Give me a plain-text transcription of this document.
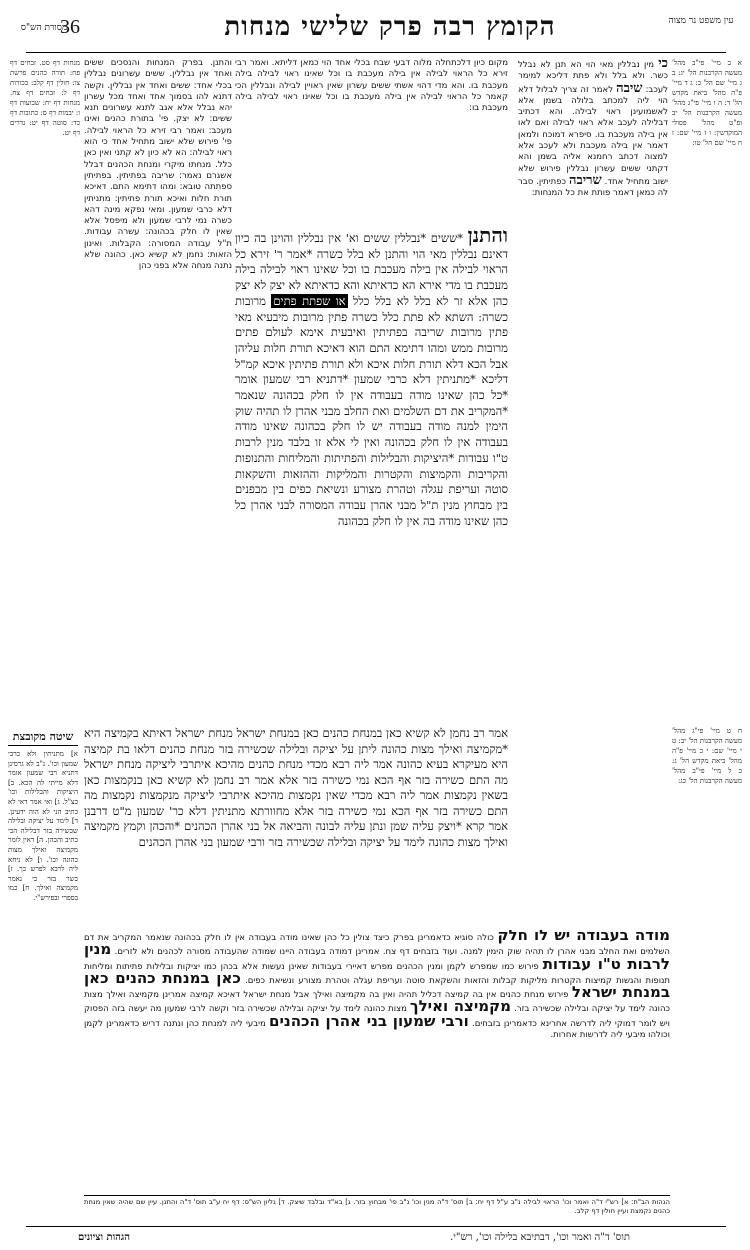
עין משפט נר מצוה
הקומץ רבה פרק שלישי מנחות
36
מסורת הש"ס
א ב מיי' פי"ב מהל' מעשה הקרבנות הל' יג: ב ג מיי' שם הל' כ: ג ד מיי' פ"ה מהל' ביאת מקדש הל' ד: ה ו מיי' פי"ג מהל' מעשה הקרבנות הל' יב ופ"ט מהל' פסולי המוקדשין: ו ז מיי' שם: ז ח מיי' שם הל' טו:

כי מין נבללין מאי הוי הא תנן לא נבלל כשר. ולא בלל ולא פתת דליכא למימר לעכב: שיבה לאמר זה צריך לבלול דלא הוי ליה למכתב בלולה בשמן אלא לאשמועינן ראוי לבילה. והא דכתיב דבלילה לעכב אלא ראוי לבילה ואם לאו אין בילה מעכבת בו. סיפרא דמוכח ולמאן דאמר אין בילה מעכבת ולא לעכב אלא למצוה דכתב רחמנא אליה בשמן והא דקתני ששים עשרון נבללין פירוש שלא ישוב מתחיל אחד. שריבה כפתיתין. סבר לה כמאן דאמר פותת את כל המנחות:

מקום כיון דלכתחלה מלוה דבעי שבח בכלי אחד הוי כמאן דליתא. ואמר רבי זירא כל הראוי לבילה אין בילה מעכבת בו וכל שאינו ראוי לבילה בילה מעכבת בו. והא מדי דהוי אשתי ששים עשרון שאין ראויין לבילה ונבללין הכי קאמר כל הראוי לבילה אין בילה מעכבת בו וכל שאינו ראוי לבילה בילה מעכבת בו:
והתנן *ששים *נבללין ששים וא' אין נבללין והוינן בה כיון דאינם נבללין מאי הוי והתנן לא בלל כשרה *אמר ר' זירא כל הראוי לבילה אין בילה מעכבת בו וכל שאינו ראוי לבילה בילה מעכבת בו מדי אירא הא כדאיתא והא כדאיתא לא יצק לא יצק כהן אלא זר לא בלל לא בלל כלל או שפתת פתים מרובות כשרה: השתא לא פתת כלל כשרה פתין מרובות מיבעיא מאי פתין מרובות שריבה בפתיתין ואיבעית אימא לעולם פתים מרובות ממש ומהו דתימא התם הוא דאיכא תורת חלות עליהן אבל הכא דלא תורת חלות איכא ולא תורת פתיתין איכא קמ"ל דליכא *מתניתין דלא כרבי שמעון *דתניא רבי שמעון אומר *כל כהן שאינו מודה בעבודה אין לו חלק בכהונה שנאמר *המקריב את דם השלמים ואת החלב מבני אהרן לו תהיה שוק הימין למנה מודה בעבודה יש לו חלק בכהונה שאינו מודה בעבודה אין לו חלק בכהונה ואין לי אלא זו בלבד מנין לרבות ט"ו עבודות *היציקות והבלילות והפתיתות והמליחות והתנופות והקריבות והקמיצות והקטרות והמליקות וההזאות והשקאות סוטה ועריפת עגלה וטהרת מצורע ונשיאת כפים בין מבפנים בין מבחוץ מנין ת"ל מבני אהרן עבודה המסורה לבני אהרן כל כהן שאינו מודה בה אין לו חלק בכהונה
והתנן. בפרק המנחות והנסכים ששים ואחד אין נבללין. ששים עשרונים נבללין בכלי אחד: ששים ואחד אין נבללין. וקשה דתנא להו בסמוך אחד ואחד מכל עשרון יהא נבלל אלא אגב לתנא עשרונים תנא ששים: לא יצק. פי' בתורת כהנים ואינו מעכב: ואמר רבי זירא כל הראוי לבילה. פי' פירוש שלא ישוב מתחיל אחד כי הוא ראוי לבילה: הא לא כיון לא קתני ואין כאן כלל. מנחתו מיקרי ומנחת הכהנים דבלל אשגרם נאמר: שריבה בפתיתין. בפתיתין ספתתה טובא: ומהו דתימא התם. דאיכא תורת חלות ואיכא תורת פתיתין: מתניתין דלא כרבי שמעון. ומאי נפקא מינה דהא כשרה נמי לרבי שמעון ולא מיפסל אלא שאין לו חלק בכהונה: עשרה עבודות. ת"ל עבודה המסורה: הקבלות. ואינון הזאות: נחמן לא קשיא כאן. כהונה שלא נתנה מנחה אלא בפני כהן
מנחות דף סט. זבחים דף פח: תורה כהנים פרשת צו: חולין דף קלב: בכורות דף ל: זבחים דף צח. מנחות דף יח: שבועות דף ו: יבמות דף ס: כתובות דף כד: סוטה דף יט: נדרים דף יט.
אמר רב נחמן לא קשיא כאן במנחת כהנים כאן במנחת ישראל מנחת ישראל דאיתא בקמיצה היא *מקמיצה ואילך מצות כהונה ליתן על יציקה ובלילה שכשירה בזר מנחת כהנים דלאו בת קמיצה היא מעיקרא בעיא כהונה אמר ליה רבא מכדי מנחת כהנים מהיכא איתרבי ליציקה מנחת ישראל מה התם כשירה בזר אף הכא נמי כשירה בזר אלא אמר רב נחמן לא קשיא כאן בנקמצות כאן בשאין נקמצות אמר ליה רבא מכדי שאין נקמצות מהיכא איתרבי ליציקה מנקמצות נקמצות מה התם כשירה בזר אף הכא נמי כשירה בזר אלא מחוורתא מתניתין דלא כר' שמעון מ"ט דרבנן אמר קרא *ויצק עליה שמן ונתן עליה לבונה והביאה אל בני אהרן הכהנים *והכהן וקמץ מקמיצה ואילך מצות כהונה לימד על יציקה ובלילה שכשירה בזר ורבי שמעון בני אהרן הכהנים
ח ט מיי' פי"ג מהל' מעשה הקרבנות הל' יב: ט י מיי' שם: י כ מיי' פ"ה מהל' ביאת מקדש הל' ג: כ ל מיי' פי"ב מהל' מעשה הקרבנות הל' כג:
שיטה מקובצת
א] מתניתין ולא כרבי שמעון וכו'. נ"ב לא גרסינן דתניא רבי שמעון אומר דלא מייתי לה הכא. ב] היציקות והבלילות וכו' כצ"ל. ג] ואי אמר דאי לא כתיב הני לא הוה ידעינן. ד] לימד על יציקה ובלילה שכשירה בזר דבלילה הכי כתיב והכהן. ה] דאין לומר מקמיצה ואילך מצות כהונה וכו'. ו] לא ניחא ליה לרבא לפרש כך. ז] כשר בזר כי נאמר מקמיצה ואילך. ח] כמו בספרי ובפירש"י.

מודה בעבודה יש לו חלק כולה סוגיא כדאמרינן בפרק כיצד צולין כל כהן שאינו מודה בעבודה אין לו חלק בכהונה שנאמר המקריב את דם השלמים ואת החלב מבני אהרן לו תהיה שוק הימין למנה. ועוד בזבחים דף צח. אמרינן דמודה בעבודה היינו שמודה שהעבודה מסורה לכהנים ולא לזרים. מנין לרבות ט"ו עבודות פירוש כמו שמפרש לקמן ומנין הכהנים מפרש דאיירי בעבודות שאינן נעשות אלא בכהן כמו יציקות ובלילות פתיתות ומליחות תנופות והגשות קמיצות הקטרות מליקות קבלות והזאות והשקאת סוטה ועריפת עגלה וטהרת מצורע ונשיאת כפים. כאן במנחת כהנים כאן במנחת ישראל פירוש מנחת כהנים אין בה קמיצה דכליל תהיה ואין בה מקמיצה ואילך אבל מנחת ישראל דאיכא קמיצה אמרינן מקמיצה ואילך מצות כהונה לימד על יציקה ובלילה שכשירה בזר. מקמיצה ואילך מצות כהונה לימד על יציקה ובלילה שכשירה בזר וקשה לרבי שמעון מה יעשה בזה הפסוק ויש לומר דמוקי ליה לדרשה אחרינא כדאמרינן בזבחים. ורבי שמעון בני אהרן הכהנים מיבעי ליה למנחת כהן ונתנה דריש כדאמרינן לקמן וכולהו מיבעי ליה לדרשות אחרות.

הגהות הב"ח: א] רש"י ד"ה ואמר וכו' הראוי לבילה נ"ב ע"ל דף יח: ב] תוס' ד"ה מנין וכו' נ"ב פי' מבחוץ בזר. ג] בא"ד ובלבד שיצק. ד] גליון הש"ס: דף יח ע"ב תוס' ד"ה והתנן. עיין שם שהיה שאין מנחת כהנים נקמצת ועיין חולין דף קלב.
הגהות וציונים	תוס' ד"ה ואמר וכו', דבתיבא בלילה וכו', רש"י.
